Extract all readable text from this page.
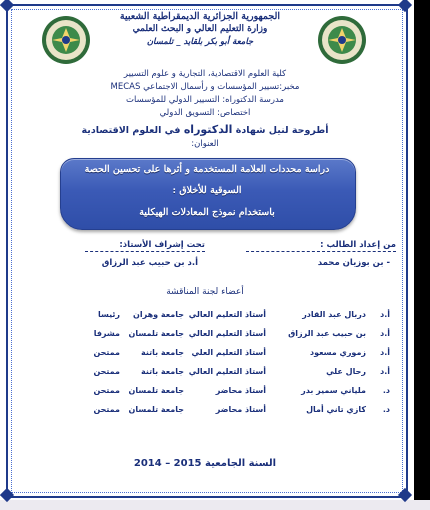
الجمهورية الجزائرية الديمقراطية الشعبية
وزارة التعليم العالي و البحث العلمي
جامعة أبو بكر بلقايد _ تلمسان
كلية العلوم الاقتصادية، التجارية و علوم التسيير
مخبر:تسيير المؤسسات و رأسمال الاجتماعي MECAS
مدرسة الدكتوراه: التسيير الدولي للمؤسسات
اختصاص: التسويق الدولي
أطروحة لنيل شهادة الدكتوراه في العلوم الاقتصادية
العنوان:
دراسة محددات العلامة المستخدمة و أثرها على تحسين الحصة
السوقية للأخلاق :
باستخدام نموذج المعادلات الهيكلية
من إعداد الطالب :
تحت إشراف الأستاذ:
- بن بوزيان محمد
أ.د بن حبيب عبد الرزاق
أعضاء لجنة المناقشة
أ.د
دربال عبد القادر
أستاذ التعليم العالي
جامعة وهران
رئيسا
أ.د
بن حبيب عبد الرزاق
أستاذ التعليم العالي
جامعة تلمسان
مشرفا
أ.د
زموري مسعود
أستاذ التعليم العلي
جامعة باتنة
ممتحن
أ.د
رحال علي
أستاذ التعليم العالي
جامعة باتنة
ممتحن
د.
ملياني سمير بدر
أستاذ محاضر
جامعة تلمسان
ممتحن
د.
كازي تاني أمال
أستاذ محاضر
جامعة تلمسان
ممتحن
السنة الجامعية 2014 – 2015
